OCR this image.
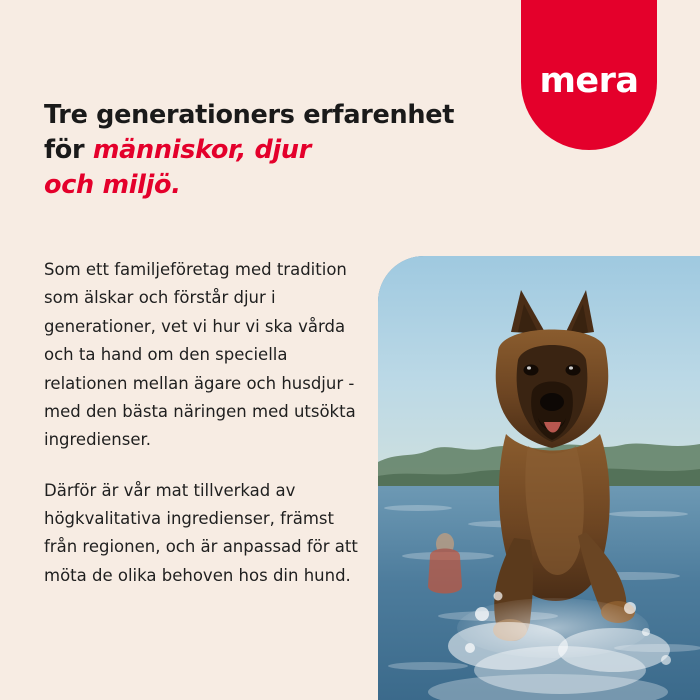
mera
Tre generationers erfarenhet
för människor, djur
och miljö.

Som ett familjeföretag med tradition som älskar och förstår djur i generationer, vet vi hur vi ska vårda och ta hand om den speciella relationen mellan ägare och husdjur - med den bästa näringen med utsökta ingredienser.

Därför är vår mat tillverkad av högkvalitativa ingredienser, främst från regionen, och är anpassad för att möta de olika behoven hos din hund.
